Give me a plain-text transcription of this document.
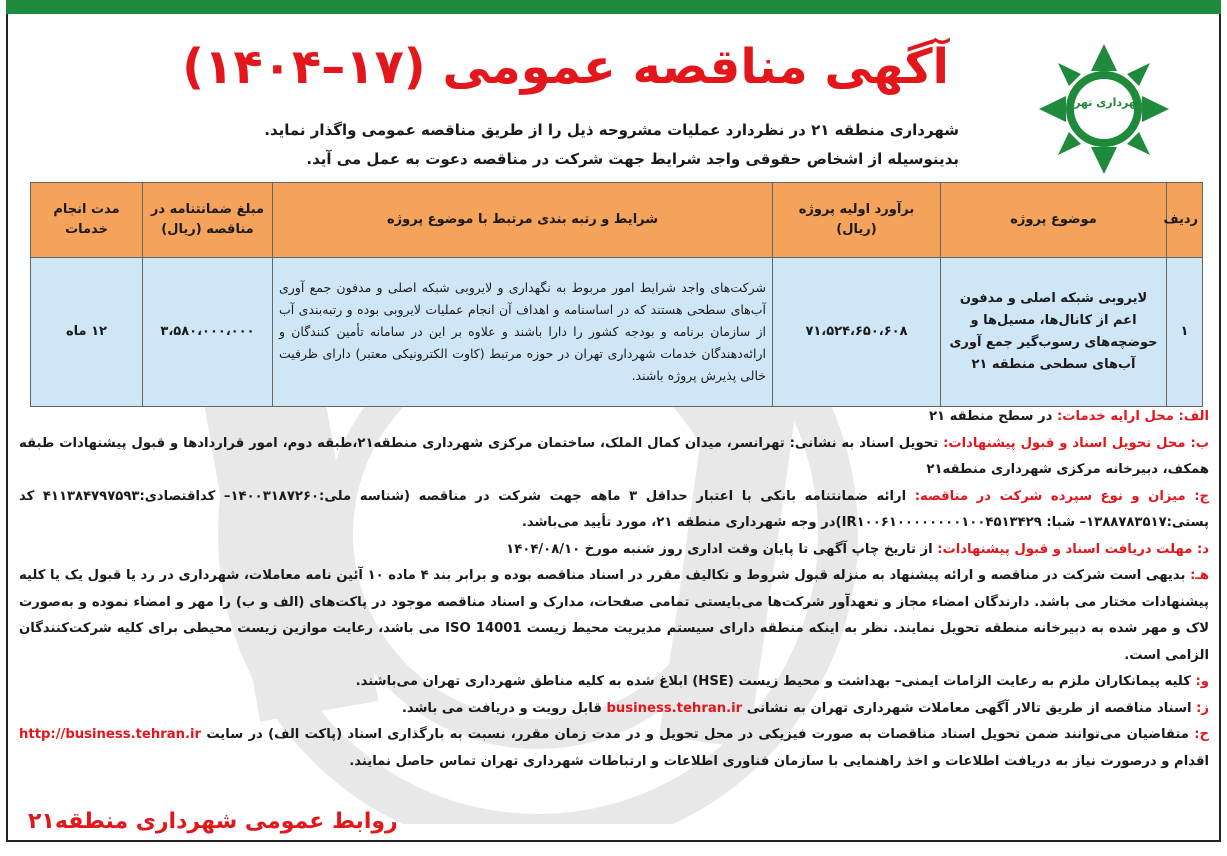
شهرداری تهران
آگهی مناقصه عمومی (۱۷–۱۴۰۴)
شهرداری منطقه ۲۱ در نظردارد عملیات مشروحه ذیل را از طریق مناقصه عمومی واگذار نماید.
بدینوسیله از اشخاص حقوقی واجد شرایط جهت شرکت در مناقصه دعوت به عمل می آید.
ردیف	موضوع پروژه	برآورد اولیه پروژه (ریال)	شرایط و رتبه بندی مرتبط با موضوع پروژه	مبلغ ضمانتنامه در مناقصه (ریال)	مدت انجام خدمات
۱	لایروبی شبکه اصلی و مدفون اعم از کانال‌ها، مسیل‌ها و حوضچه‌های رسوب‌گیر جمع آوری آب‌های سطحی منطقه ۲۱	۷۱،۵۲۴،۶۵۰،۶۰۸	شرکت‌های واجد شرایط امور مربوط به نگهداری و لایروبی شبکه اصلی و مدفون جمع آوری آب‌های سطحی هستند که در اساسنامه و اهداف آن انجام عملیات لایروبی بوده و رتبه‌بندی آب از سازمان برنامه و بودجه کشور را دارا باشند و علاوه بر این در سامانه تأمین کنندگان و ارائه‌دهندگان خدمات شهرداری تهران در حوزه مرتبط (کاوت الکترونیکی معتبر) دارای ظرفیت خالی پذیرش پروژه باشند.	۳،۵۸۰،۰۰۰،۰۰۰	۱۲ ماه

الف: محل ارایه خدمات: در سطح منطقه ۲۱

ب: محل تحویل اسناد و قبول پیشنهادات: تحویل اسناد به نشانی: تهرانسر، میدان کمال الملک، ساختمان مرکزی شهرداری منطقه۲۱،طبقه دوم، امور قراردادها و قبول پیشنهادات طبقه همکف، دبیرخانه مرکزی شهرداری منطقه۲۱

ج: میزان و نوع سپرده شرکت در مناقصه: ارائه ضمانتنامه بانکی با اعتبار حداقل ۳ ماهه جهت شرکت در مناقصه (شناسه ملی:۱۴۰۰۳۱۸۷۲۶۰– کداقتصادی:۴۱۱۳۸۴۷۹۷۵۹۳ کد پستی:۱۳۸۸۷۸۳۵۱۷– شبا: IR۱۰۰۶۱۰۰۰۰۰۰۰۰۱۰۰۴۵۱۳۴۲۹)در وجه شهرداری منطقه ۲۱، مورد تأیید می‌باشد.

د: مهلت دریافت اسناد و قبول پیشنهادات: از تاریخ چاپ آگهی تا پایان وقت اداری روز شنبه مورخ ۱۴۰۴/۰۸/۱۰

هـ: بدیهی است شرکت در مناقصه و ارائه پیشنهاد به منزله قبول شروط و تکالیف مقرر در اسناد مناقصه بوده و برابر بند ۴ ماده ۱۰ آئین نامه معاملات، شهرداری در رد یا قبول یک یا کلیه پیشنهادات مختار می باشد. دارندگان امضاء مجاز و تعهدآور شرکت‌ها می‌بایستی تمامی صفحات، مدارک و اسناد مناقصه موجود در پاکت‌های (الف و ب) را مهر و امضاء نموده و به‌صورت لاک و مهر شده به دبیرخانه منطقه تحویل نمایند. نظر به اینکه منطقه دارای سیستم مدیریت محیط زیست ISO 14001 می باشد، رعایت موازین زیست محیطی برای کلیه شرکت‌کنندگان الزامی است.

و: کلیه پیمانکاران ملزم به رعایت الزامات ایمنی– بهداشت و محیط زیست (HSE) ابلاغ شده به کلیه مناطق شهرداری تهران می‌باشند.

ز: اسناد مناقصه از طریق تالار آگهی معاملات شهرداری تهران به نشانی business.tehran.ir قابل رویت و دریافت می باشد.

ح: متقاضیان می‌توانند ضمن تحویل اسناد مناقصات به صورت فیزیکی در محل تحویل و در مدت زمان مقرر، نسبت به بارگذاری اسناد (پاکت الف) در سایت http://business.tehran.ir اقدام و درصورت نیاز به دریافت اطلاعات و اخذ راهنمایی با سازمان فناوری اطلاعات و ارتباطات شهرداری تهران تماس حاصل نمایند.

روابط عمومی شهرداری منطقه۲۱
